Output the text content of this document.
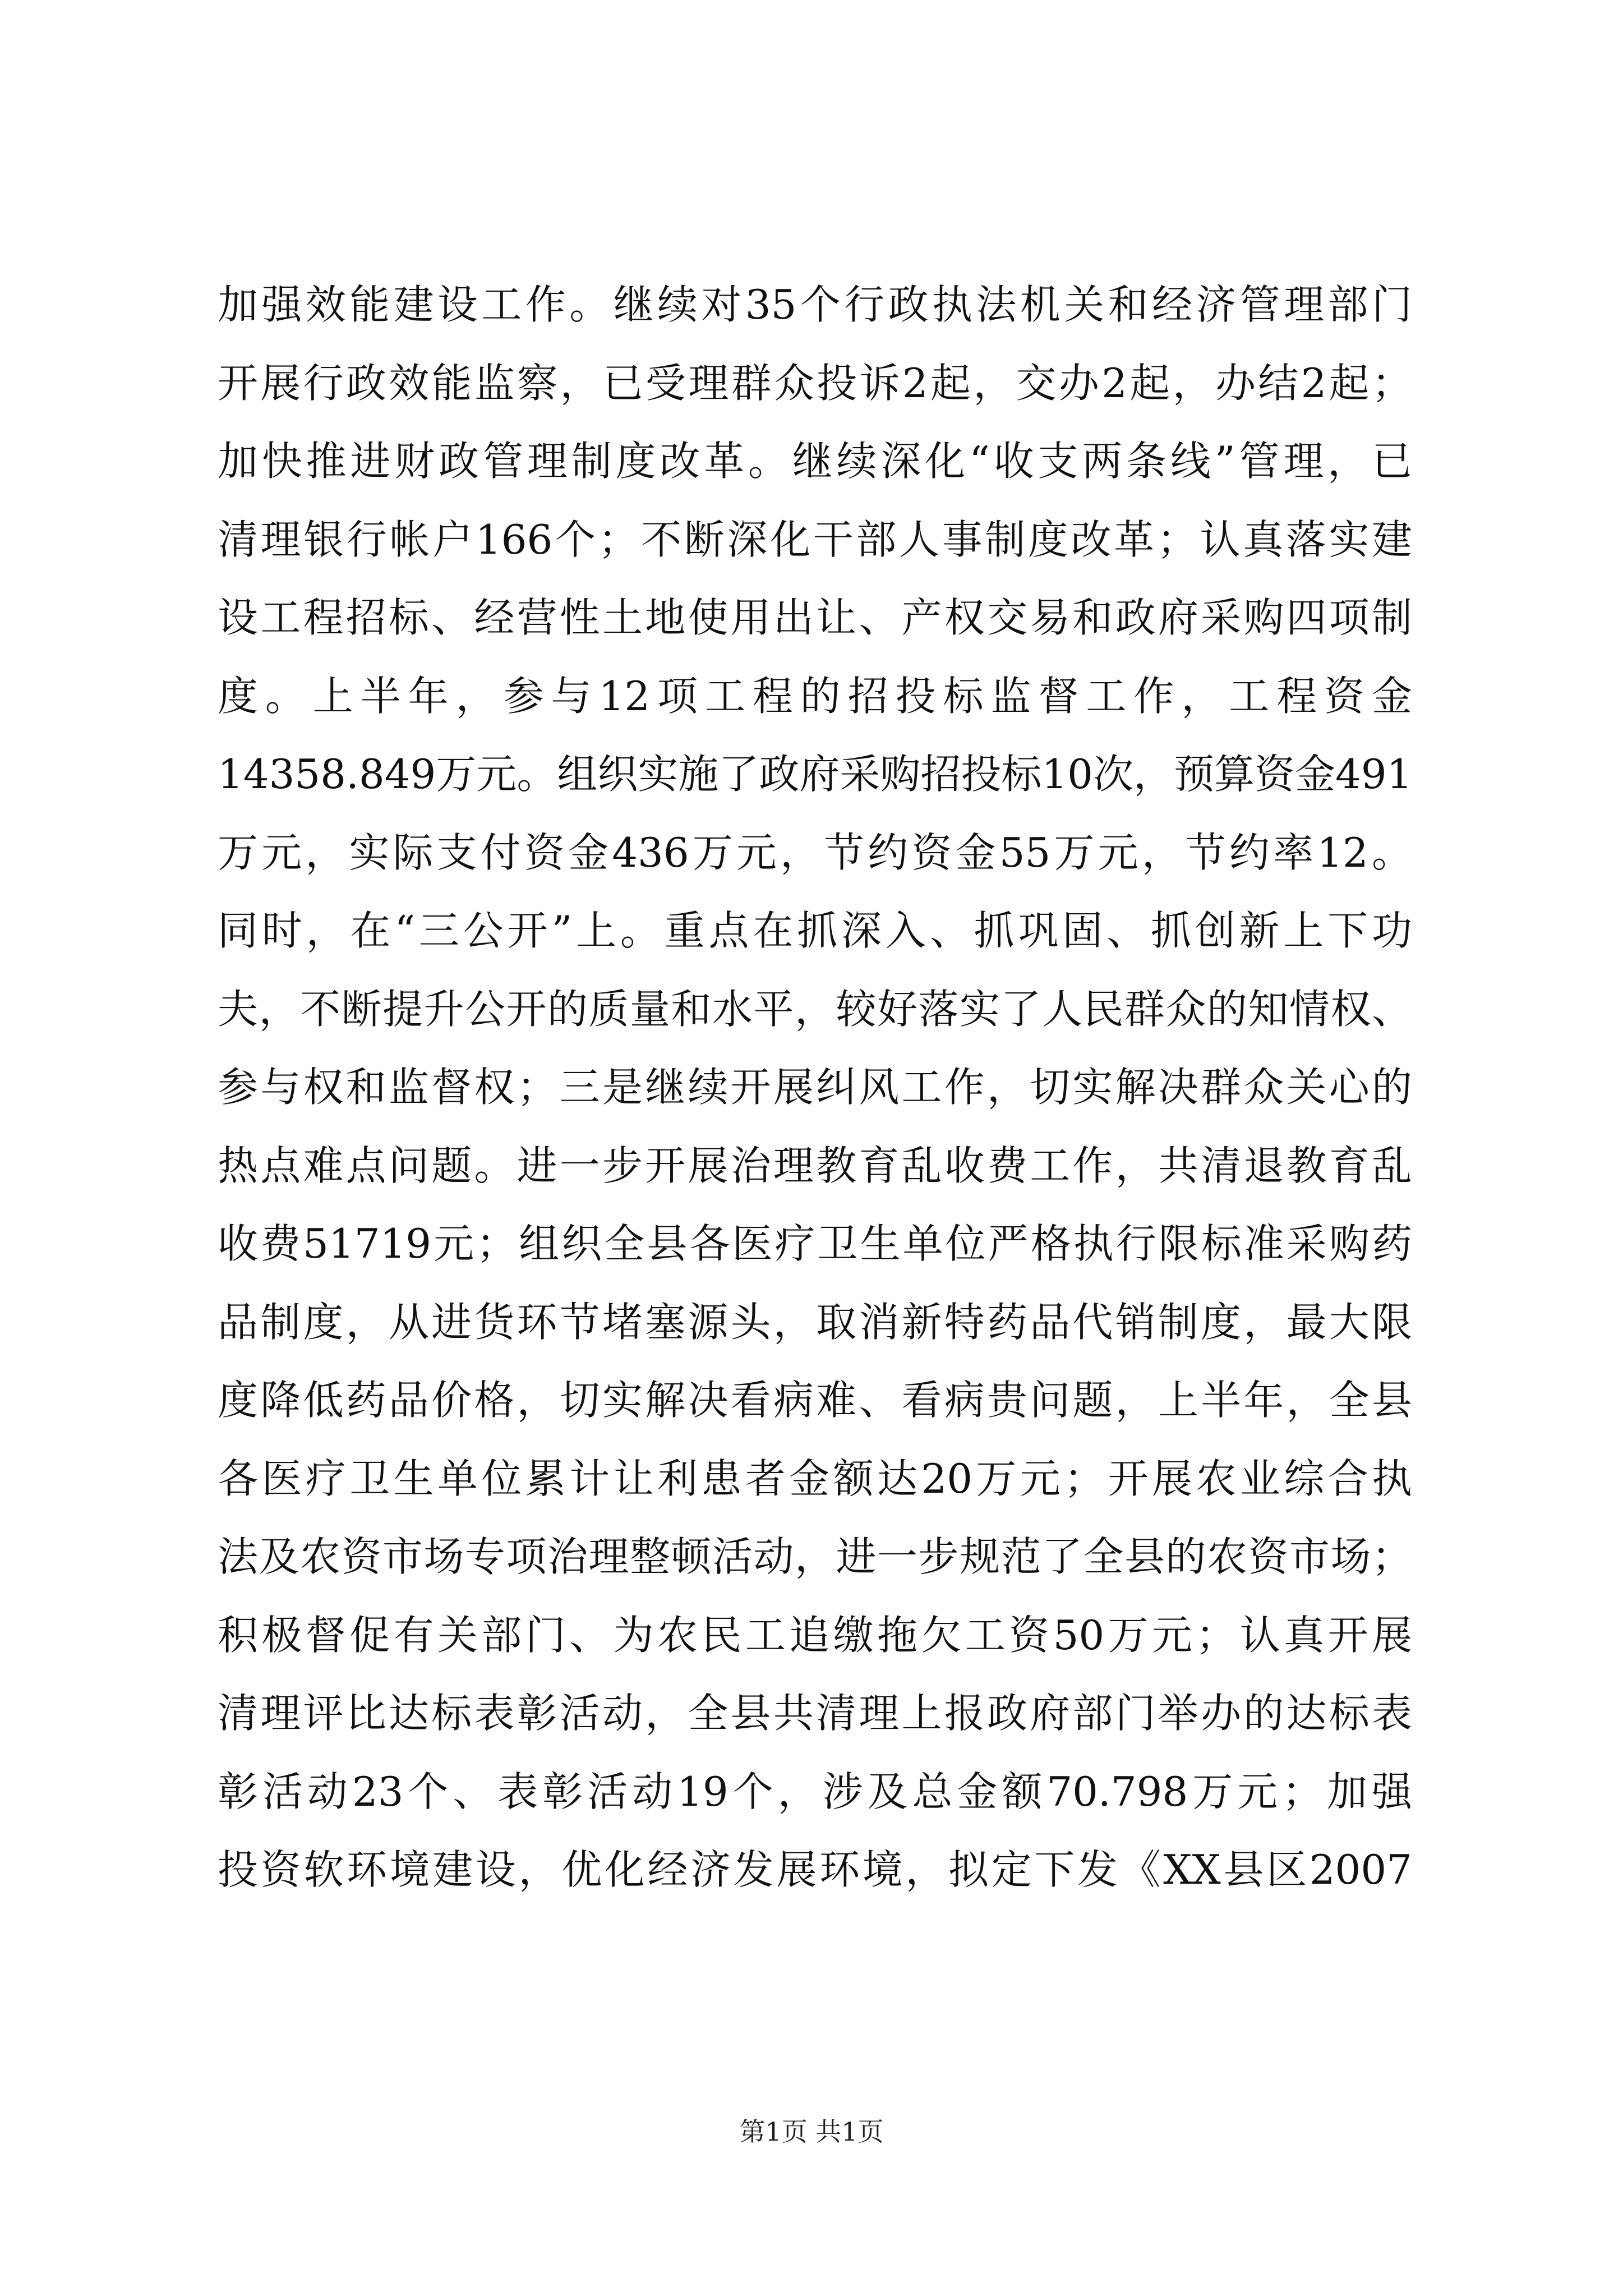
加强效能建设工作。继续对35个行政执法机关和经济管理部门
开展行政效能监察，已受理群众投诉2起，交办2起，办结2起；
加快推进财政管理制度改革。继续深化“收支两条线”管理，已
清理银行帐户166个；不断深化干部人事制度改革；认真落实建
设工程招标、经营性土地使用出让、产权交易和政府采购四项制
度。上半年，参与12项工程的招投标监督工作，工程资金
14358.849万元。组织实施了政府采购招投标10次，预算资金491
万元，实际支付资金436万元，节约资金55万元，节约率12。
同时，在“三公开”上。重点在抓深入、抓巩固、抓创新上下功
夫，不断提升公开的质量和水平，较好落实了人民群众的知情权、
参与权和监督权；三是继续开展纠风工作，切实解决群众关心的
热点难点问题。进一步开展治理教育乱收费工作，共清退教育乱
收费51719元；组织全县各医疗卫生单位严格执行限标准采购药
品制度，从进货环节堵塞源头，取消新特药品代销制度，最大限
度降低药品价格，切实解决看病难、看病贵问题，上半年，全县
各医疗卫生单位累计让利患者金额达20万元；开展农业综合执
法及农资市场专项治理整顿活动，进一步规范了全县的农资市场；
积极督促有关部门、为农民工追缴拖欠工资50万元；认真开展
清理评比达标表彰活动，全县共清理上报政府部门举办的达标表
彰活动23个、表彰活动19个，涉及总金额70.798万元；加强
投资软环境建设，优化经济发展环境，拟定下发《XX县区2007
第1页 共1页
